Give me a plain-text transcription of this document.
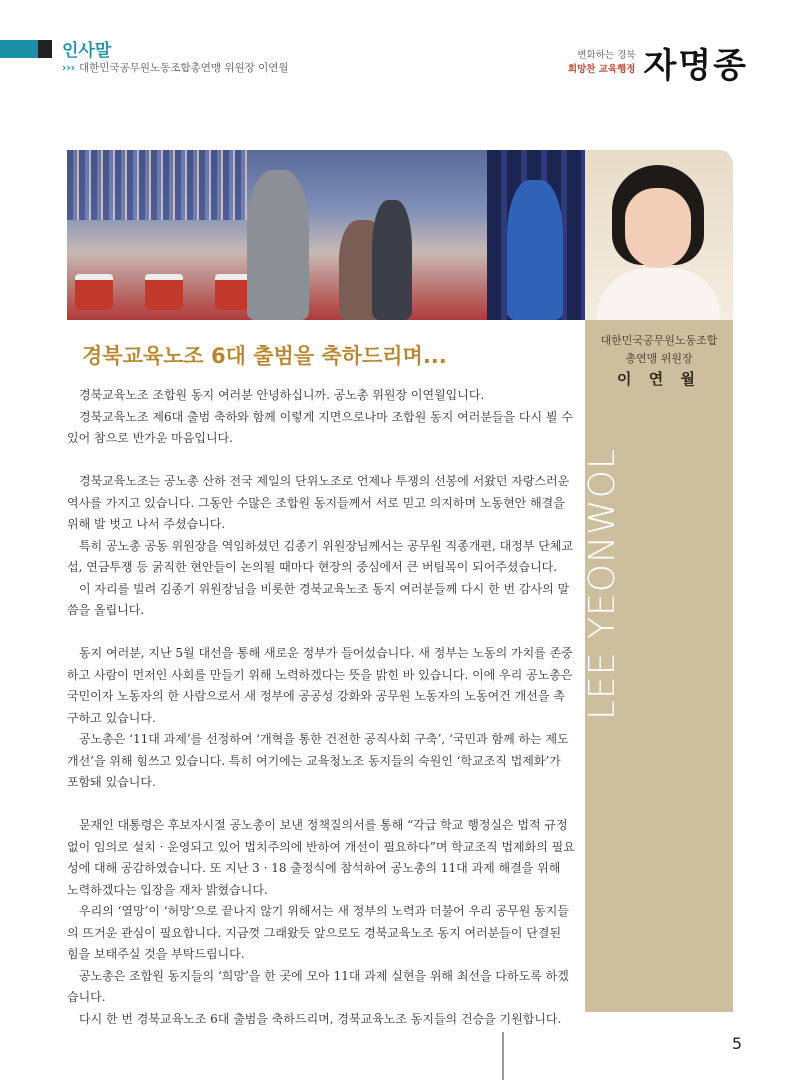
인사말
››› 대한민국공무원노동조합총연맹 위원장 이연월
변화하는 경북
희망찬 교육행정 자명종
대한민국공무원노동조합
총연맹 위원장
이 연 월
LEE YEONWOL
경북교육노조 6대 출범을 축하드리며...

경북교육노조 조합원 동지 여러분 안녕하십니까. 공노총 위원장 이연월입니다.

경북교육노조 제6대 출범 축하와 함께 이렇게 지면으로나마 조합원 동지 여러분들을 다시 뵐 수 있어 참으로 반가운 마음입니다.

경북교육노조는 공노총 산하 전국 제일의 단위노조로 언제나 투쟁의 선봉에 서왔던 자랑스러운 역사를 가지고 있습니다. 그동안 수많은 조합원 동지들께서 서로 믿고 의지하며 노동현안 해결을 위해 발 벗고 나서 주셨습니다.

특히 공노총 공동 위원장을 역임하셨던 김종기 위원장님께서는 공무원 직종개편, 대정부 단체교섭, 연금투쟁 등 굵직한 현안들이 논의될 때마다 현장의 중심에서 큰 버팀목이 되어주셨습니다.

이 자리를 빌려 김종기 위원장님을 비롯한 경북교육노조 동지 여러분들께 다시 한 번 감사의 말씀을 올립니다.

동지 여러분, 지난 5월 대선을 통해 새로운 정부가 들어섰습니다. 새 정부는 노동의 가치를 존중하고 사람이 먼저인 사회를 만들기 위해 노력하겠다는 뜻을 밝힌 바 있습니다. 이에 우리 공노총은 국민이자 노동자의 한 사람으로서 새 정부에 공공성 강화와 공무원 노동자의 노동여건 개선을 촉구하고 있습니다.

공노총은 ‘11대 과제’를 선정하여 ‘개혁을 통한 건전한 공직사회 구축’, ‘국민과 함께 하는 제도 개선’을 위해 힘쓰고 있습니다. 특히 여기에는 교육청노조 동지들의 숙원인 ‘학교조직 법제화’가 포함돼 있습니다.

문재인 대통령은 후보자시절 공노총이 보낸 정책질의서를 통해 “각급 학교 행정실은 법적 규정 없이 임의로 설치 · 운영되고 있어 법치주의에 반하여 개선이 필요하다”며 학교조직 법제화의 필요성에 대해 공감하였습니다. 또 지난 3 · 18 출정식에 참석하여 공노총의 11대 과제 해결을 위해 노력하겠다는 입장을 재차 밝혔습니다.

우리의 ‘열망’이 ‘허망’으로 끝나지 않기 위해서는 새 정부의 노력과 더불어 우리 공무원 동지들의 뜨거운 관심이 필요합니다. 지금껏 그래왔듯 앞으로도 경북교육노조 동지 여러분들이 단결된 힘을 보태주실 것을 부탁드립니다.

공노총은 조합원 동지들의 ‘희망’을 한 곳에 모아 11대 과제 실현을 위해 최선을 다하도록 하겠습니다.

다시 한 번 경북교육노조 6대 출범을 축하드리며, 경북교육노조 동지들의 건승을 기원합니다.

5
